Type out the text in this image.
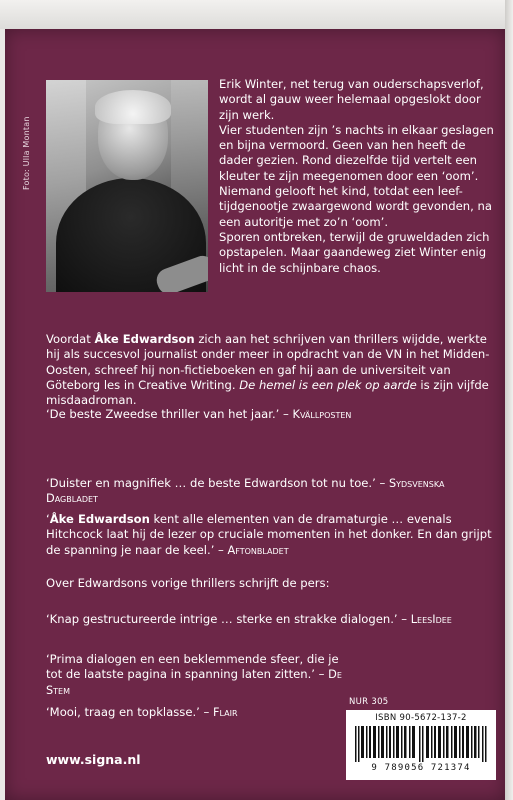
Foto: Ulla Montan

Erik Winter, net terug van ouderschapsverlof, wordt al gauw weer helemaal opgeslokt door zijn werk.

Vier studenten zijn ’s nachts in elkaar geslagen en bijna vermoord. Geen van hen heeft de dader gezien. Rond diezelfde tijd vertelt een kleuter te zijn meegenomen door een ‘oom’. Niemand gelooft het kind, totdat een leef-tijdgenootje zwaargewond wordt gevonden, na een autoritje met zo’n ‘oom’.

Sporen ontbreken, terwijl de gruweldaden zich opstapelen. Maar gaandeweg ziet Winter enig licht in de schijnbare chaos.

Voordat Åke Edwardson zich aan het schrijven van thrillers wijdde, werkte hij als succesvol journalist onder meer in opdracht van de VN in het Midden-Oosten, schreef hij non-fictieboeken en gaf hij aan de universiteit van Göteborg les in Creative Writing. De hemel is een plek op aarde is zijn vijfde misdaadroman.

‘De beste Zweedse thriller van het jaar.’ – Kvällposten

‘Duister en magnifiek … de beste Edwardson tot nu toe.’ – Sydsvenska Dagbladet

‘Åke Edwardson kent alle elementen van de dramaturgie … evenals Hitchcock laat hij de lezer op cruciale momenten in het donker. En dan grijpt de spanning je naar de keel.’ – Aftonbladet

Over Edwardsons vorige thrillers schrijft de pers:

‘Knap gestructureerde intrige … sterke en strakke dialogen.’ – LeesIdee

‘Prima dialogen en een beklemmende sfeer, die je tot de laatste pagina in spanning laten zitten.’ – De Stem

‘Mooi, traag en topklasse.’ – Flair

www.signa.nl
NUR 305
ISBN 90-5672-137-2
9 789056 721374
